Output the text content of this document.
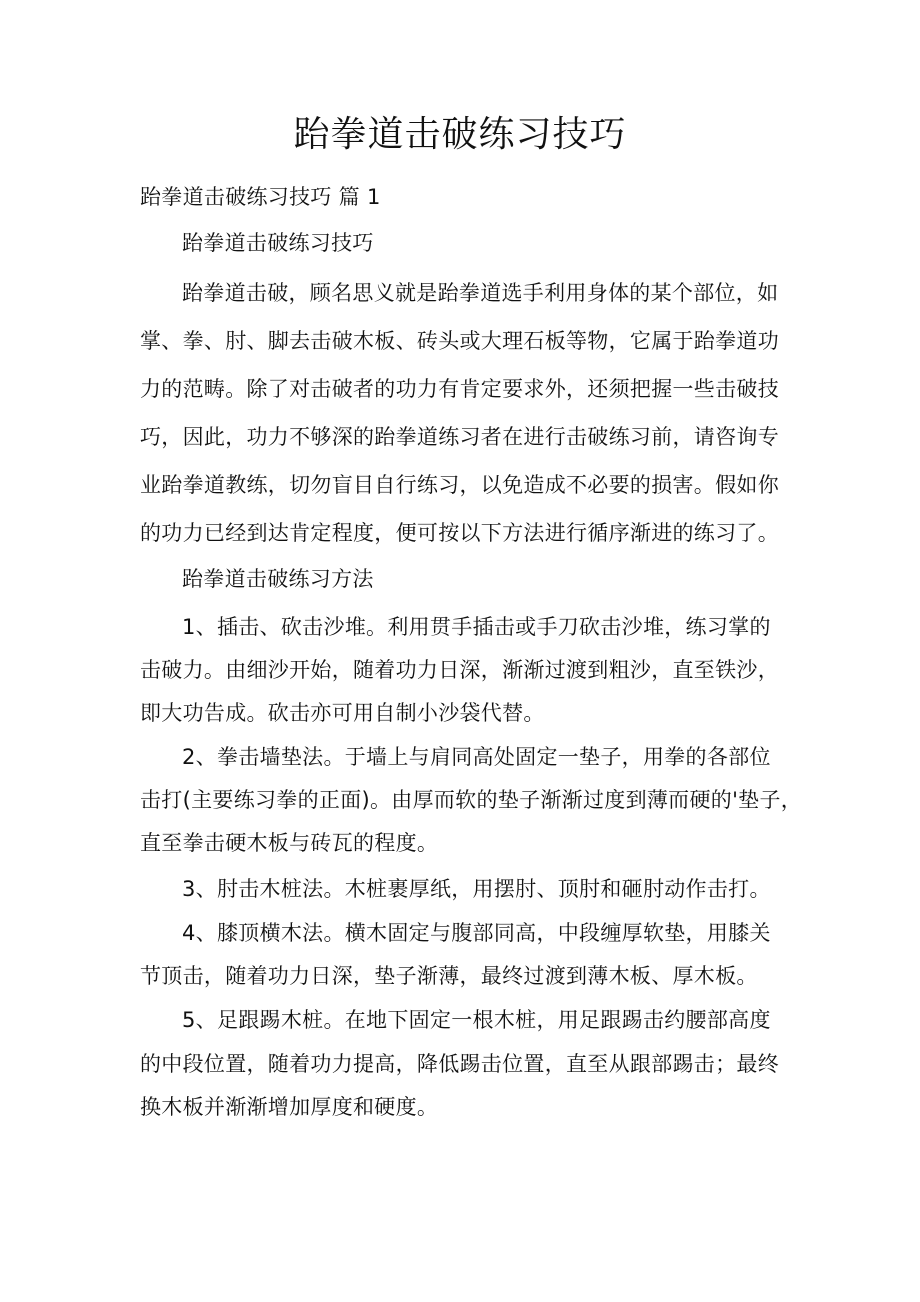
跆拳道击破练习技巧
跆拳道击破练习技巧 篇 1
跆拳道击破练习技巧
跆拳道击破，顾名思义就是跆拳道选手利用身体的某个部位，如
掌、拳、肘、脚去击破木板、砖头或大理石板等物，它属于跆拳道功
力的范畴。除了对击破者的功力有肯定要求外，还须把握一些击破技
巧，因此，功力不够深的跆拳道练习者在进行击破练习前，请咨询专
业跆拳道教练，切勿盲目自行练习，以免造成不必要的损害。假如你
的功力已经到达肯定程度，便可按以下方法进行循序渐进的练习了。
跆拳道击破练习方法
1、插击、砍击沙堆。利用贯手插击或手刀砍击沙堆，练习掌的
击破力。由细沙开始，随着功力日深，渐渐过渡到粗沙，直至铁沙，
即大功告成。砍击亦可用自制小沙袋代替。
2、拳击墙垫法。于墙上与肩同高处固定一垫子，用拳的各部位
击打(主要练习拳的正面)。由厚而软的垫子渐渐过度到薄而硬的'垫子，
直至拳击硬木板与砖瓦的程度。
3、肘击木桩法。木桩裹厚纸，用摆肘、顶肘和砸肘动作击打。
4、膝顶横木法。横木固定与腹部同高，中段缠厚软垫，用膝关
节顶击，随着功力日深，垫子渐薄，最终过渡到薄木板、厚木板。
5、足跟踢木桩。在地下固定一根木桩，用足跟踢击约腰部高度
的中段位置，随着功力提高，降低踢击位置，直至从跟部踢击；最终
换木板并渐渐增加厚度和硬度。
